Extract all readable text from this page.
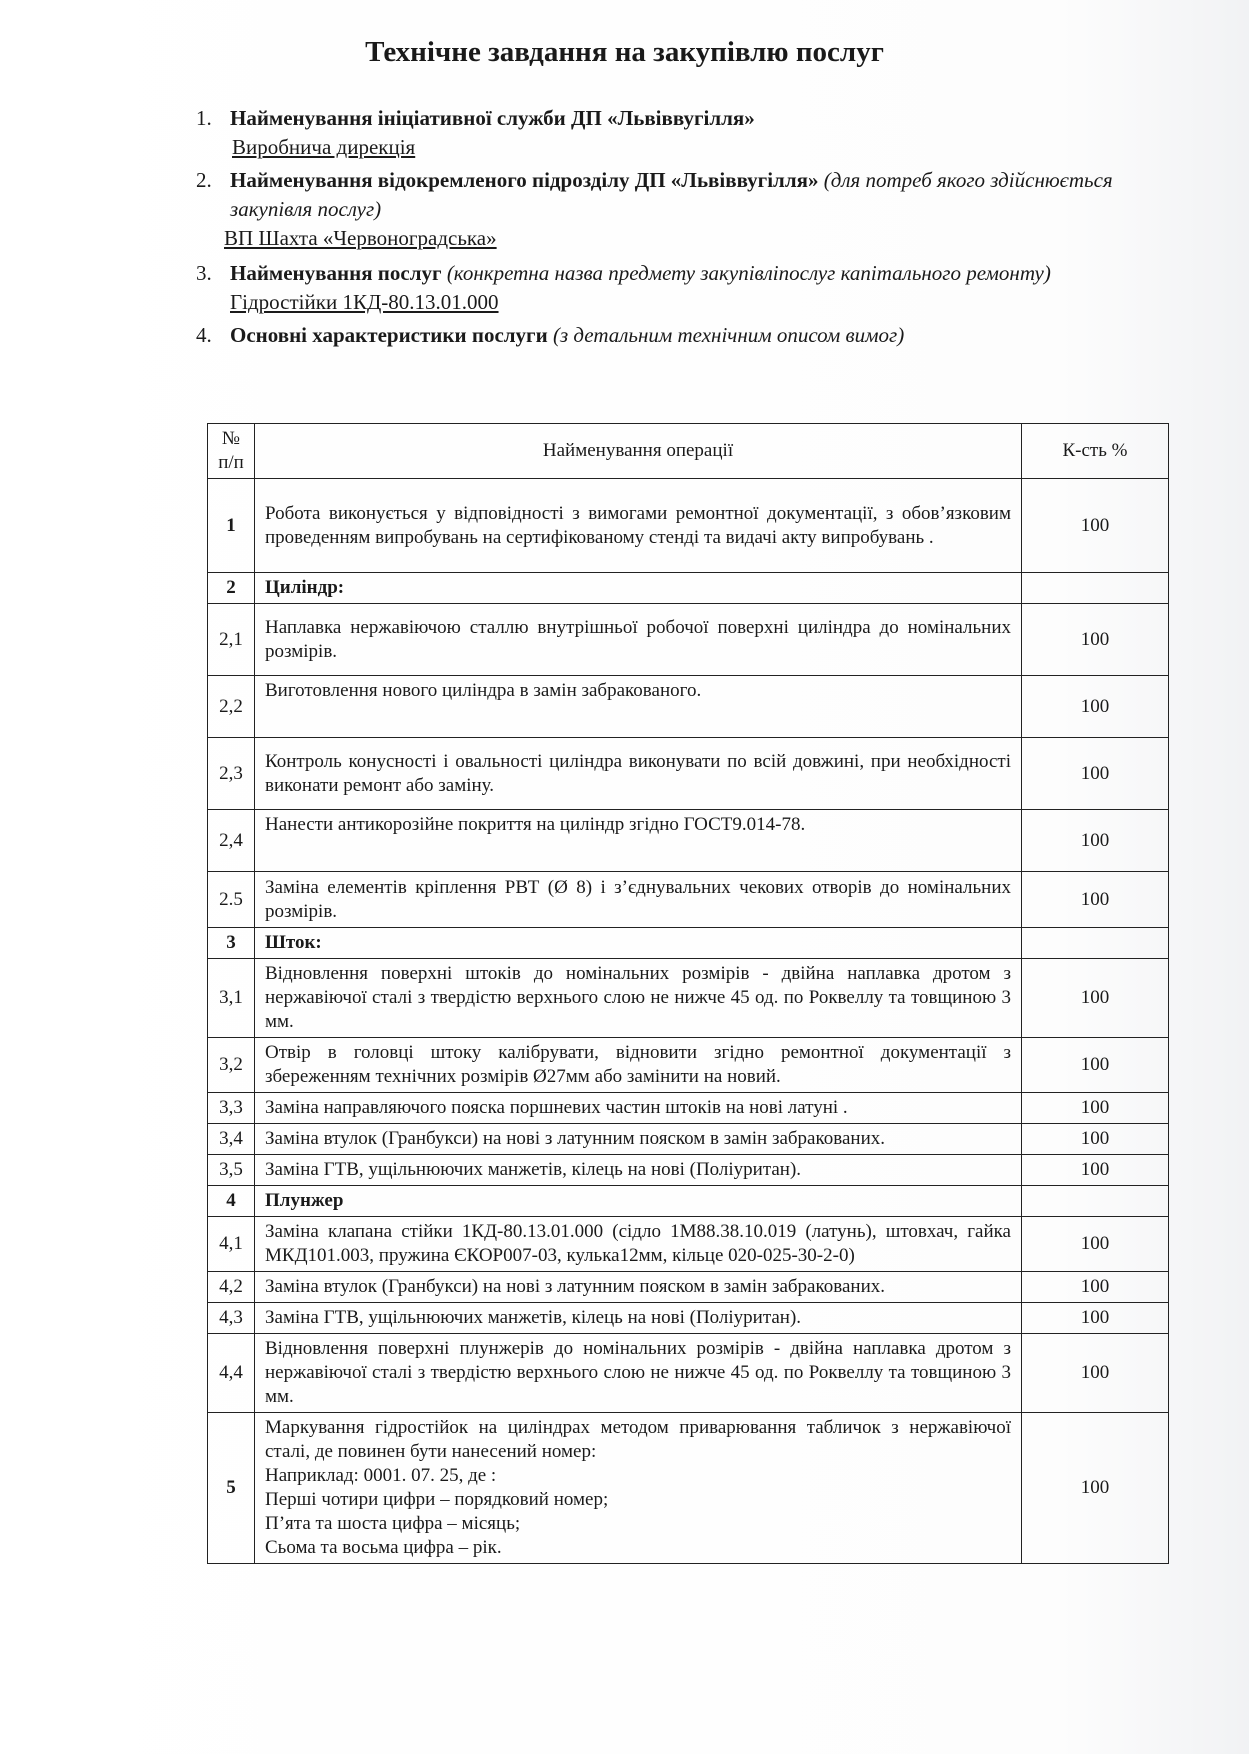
Технічне завдання на закупівлю послуг
1. Найменування ініціативної служби ДП «Львіввугілля»
Виробнича дирекція
2. Найменування відокремленого підрозділу ДП «Львіввугілля» (для потреб якого здійснюється закупівля послуг)
ВП Шахта «Червоноградська»
3. Найменування послуг (конкретна назва предмету закупівліпослуг капітального ремонту)
Гідростійки 1КД-80.13.01.000
4. Основні характеристики послуги (з детальним технічним описом вимог)
№ п/п	Найменування операції	К-сть %
1	Робота виконується у відповідності з вимогами ремонтної документації, з обов’язковим проведенням випробувань на сертифікованому стенді та видачі акту випробувань .	100
2	Циліндр:	
2,1	Наплавка нержавіючою сталлю внутрішньої робочої поверхні циліндра до номінальних розмірів.	100
2,2	Виготовлення нового циліндра в замін забракованого.	100
2,3	Контроль конусності і овальності циліндра виконувати по всій довжині, при необхідності виконати ремонт або заміну.	100
2,4	Нанести антикорозійне покриття на циліндр згідно ГОСТ9.014-78.	100
2.5	Заміна елементів кріплення РВТ (Ø 8) і з’єднувальних чекових отворів до номінальних розмірів.	100
3	Шток:	
3,1	Відновлення поверхні штоків до номінальних розмірів - двійна наплавка дротом з нержавіючої сталі з твердістю верхнього слою не нижче 45 од. по Роквеллу та товщиною 3 мм.	100
3,2	Отвір в головці штоку калібрувати, відновити згідно ремонтної документації з збереженням технічних розмірів Ø27мм або замінити на новий.	100
3,3	Заміна направляючого пояска поршневих частин штоків на нові латуні .	100
3,4	Заміна втулок (Гранбукси) на нові з латунним пояском в замін забракованих.	100
3,5	Заміна ГТВ, ущільнюючих манжетів, кілець на нові (Поліуритан).	100
4	Плунжер	
4,1	Заміна клапана стійки 1КД-80.13.01.000 (сідло 1М88.38.10.019 (латунь), штовхач, гайка МКД101.003, пружина ЄКОР007-03, кулька12мм, кільце 020-025-30-2-0)	100
4,2	Заміна втулок (Гранбукси) на нові з латунним пояском в замін забракованих.	100
4,3	Заміна ГТВ, ущільнюючих манжетів, кілець на нові (Поліуритан).	100
4,4	Відновлення поверхні плунжерів до номінальних розмірів - двійна наплавка дротом з нержавіючої сталі з твердістю верхнього слою не нижче 45 од. по Роквеллу та товщиною 3 мм.	100
5	Маркування гідростійок на циліндрах методом приварювання табличок з нержавіючої сталі, де повинен бути нанесений номер:
Наприклад: 0001. 07. 25, де :
Перші чотири цифри – порядковий номер;
П’ята та шоста цифра – місяць;
Сьома та восьма цифра – рік.	100
